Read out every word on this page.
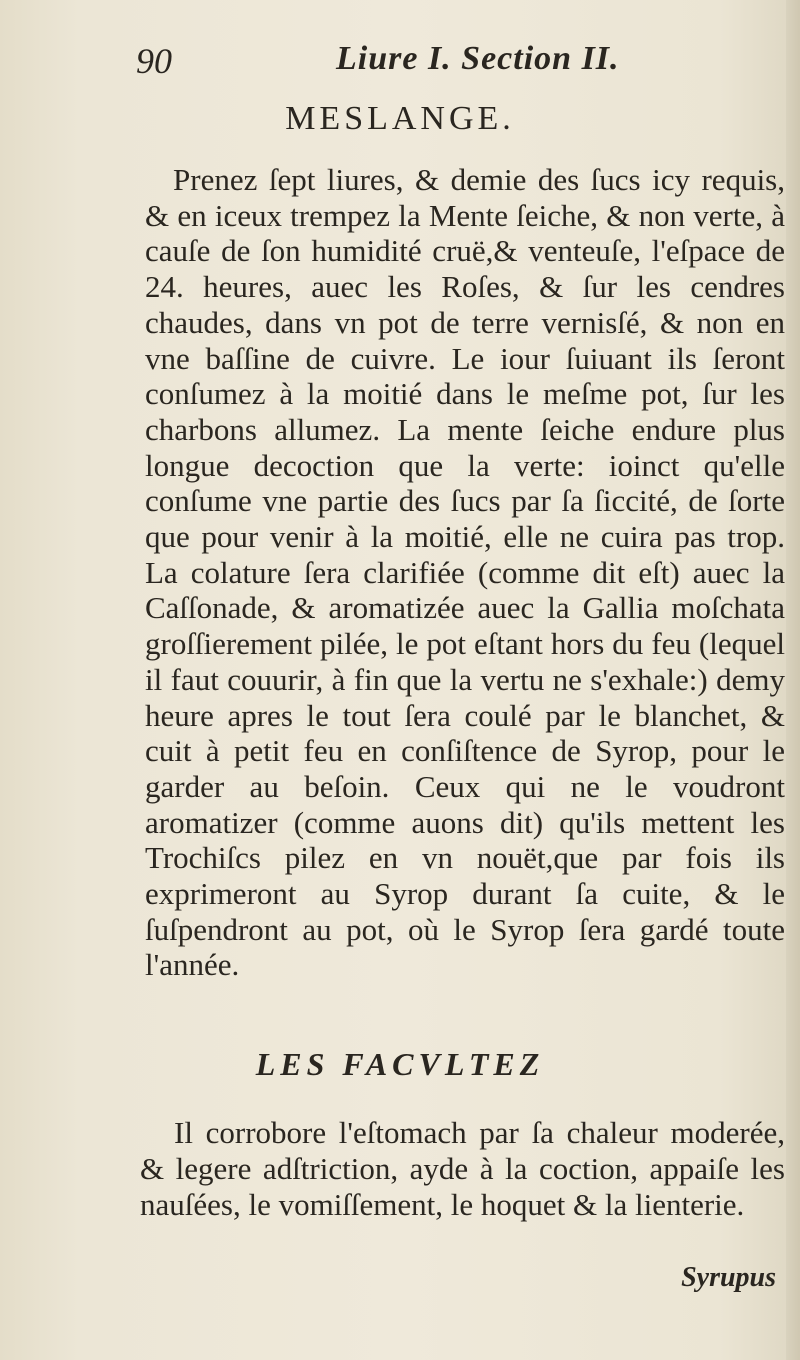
90	Liure I. Section II.
MESLANGE.

Prenez ſept liures, & demie des ſucs icy requis, & en iceux trempez la Mente ſeiche, & non verte, à cauſe de ſon humidité cruë,& venteuſe, l'eſpace de 24. heures, auec les Roſes, & ſur les cendres chaudes, dans vn pot de terre vernisſé, & non en vne baſſine de cuivre. Le iour ſuiuant ils ſeront conſumez à la moitié dans le meſme pot, ſur les charbons allumez. La mente ſeiche endure plus longue decoction que la verte: ioinct qu'elle conſume vne partie des ſucs par ſa ſiccité, de ſorte que pour venir à la moitié, elle ne cuira pas trop. La colature ſera clarifiée (comme dit eſt) auec la Caſſonade, & aromatizée auec la Gallia moſchata groſſierement pilée, le pot eſtant hors du feu (lequel il faut couurir, à fin que la vertu ne s'exhale:) demy heure apres le tout ſera coulé par le blanchet, & cuit à petit feu en conſiſtence de Syrop, pour le garder au beſoin. Ceux qui ne le voudront aromatizer (comme auons dit) qu'ils mettent les Trochiſcs pilez en vn nouët,que par fois ils exprimeront au Syrop durant ſa cuite, & le ſuſpendront au pot, où le Syrop ſera gardé toute l'année.

LES FACVLTEZ

Il corrobore l'eſtomach par ſa chaleur moderée, & legere adſtriction, ayde à la coction, appaiſe les nauſées, le vomiſſement, le hoquet & la lienterie.

Syrupus
